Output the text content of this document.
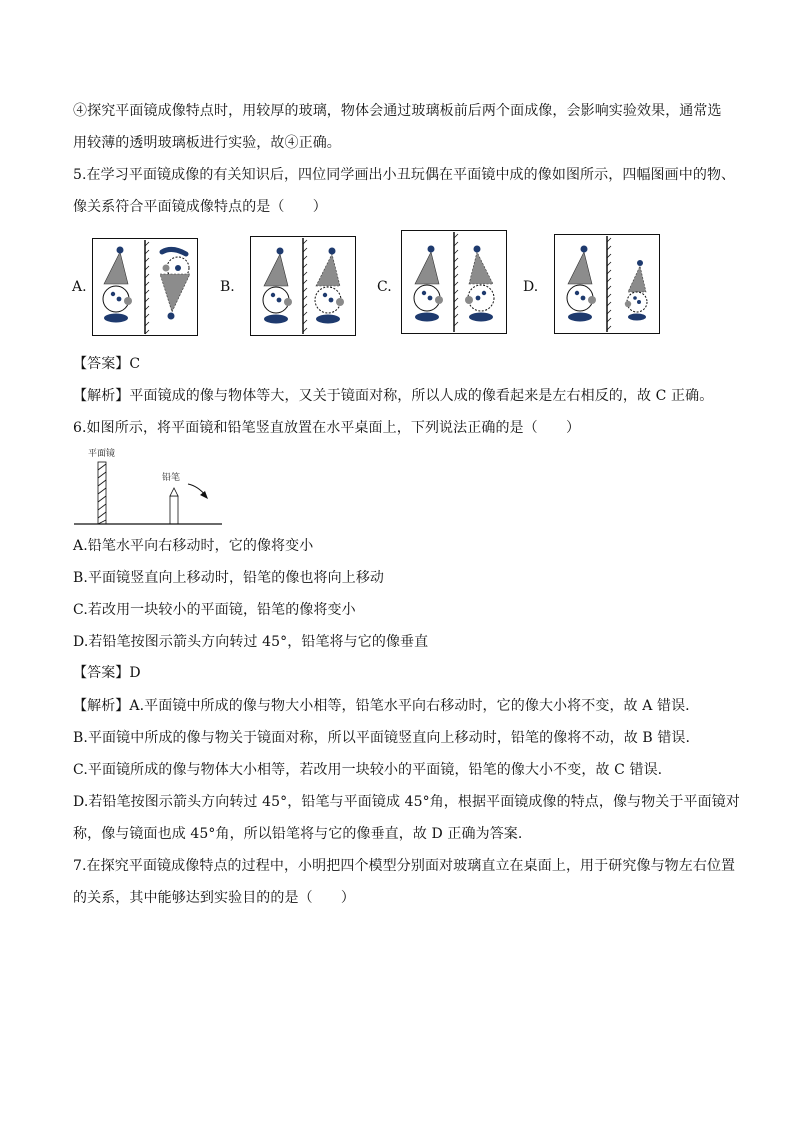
④探究平面镜成像特点时，用较厚的玻璃，物体会通过玻璃板前后两个面成像，会影响实验效果，通常选
用较薄的透明玻璃板进行实验，故④正确。
5.在学习平面镜成像的有关知识后，四位同学画出小丑玩偶在平面镜中成的像如图所示，四幅图画中的物、
像关系符合平面镜成像特点的是（　　）
A.	B.	C.	D.
【答案】C
【解析】平面镜成的像与物体等大，又关于镜面对称，所以人成的像看起来是左右相反的，故 C 正确。
6.如图所示，将平面镜和铅笔竖直放置在水平桌面上，下列说法正确的是（　　）
平面镜
铅笔
A.铅笔水平向右移动时，它的像将变小
B.平面镜竖直向上移动时，铅笔的像也将向上移动
C.若改用一块较小的平面镜，铅笔的像将变小
D.若铅笔按图示箭头方向转过 45°，铅笔将与它的像垂直
【答案】D
【解析】A.平面镜中所成的像与物大小相等，铅笔水平向右移动时，它的像大小将不变，故 A 错误.
B.平面镜中所成的像与物关于镜面对称，所以平面镜竖直向上移动时，铅笔的像将不动，故 B 错误.
C.平面镜所成的像与物体大小相等，若改用一块较小的平面镜，铅笔的像大小不变，故 C 错误.
D.若铅笔按图示箭头方向转过 45°，铅笔与平面镜成 45°角，根据平面镜成像的特点，像与物关于平面镜对
称，像与镜面也成 45°角，所以铅笔将与它的像垂直，故 D 正确为答案.
7.在探究平面镜成像特点的过程中，小明把四个模型分别面对玻璃直立在桌面上，用于研究像与物左右位置
的关系，其中能够达到实验目的的是（　　）
